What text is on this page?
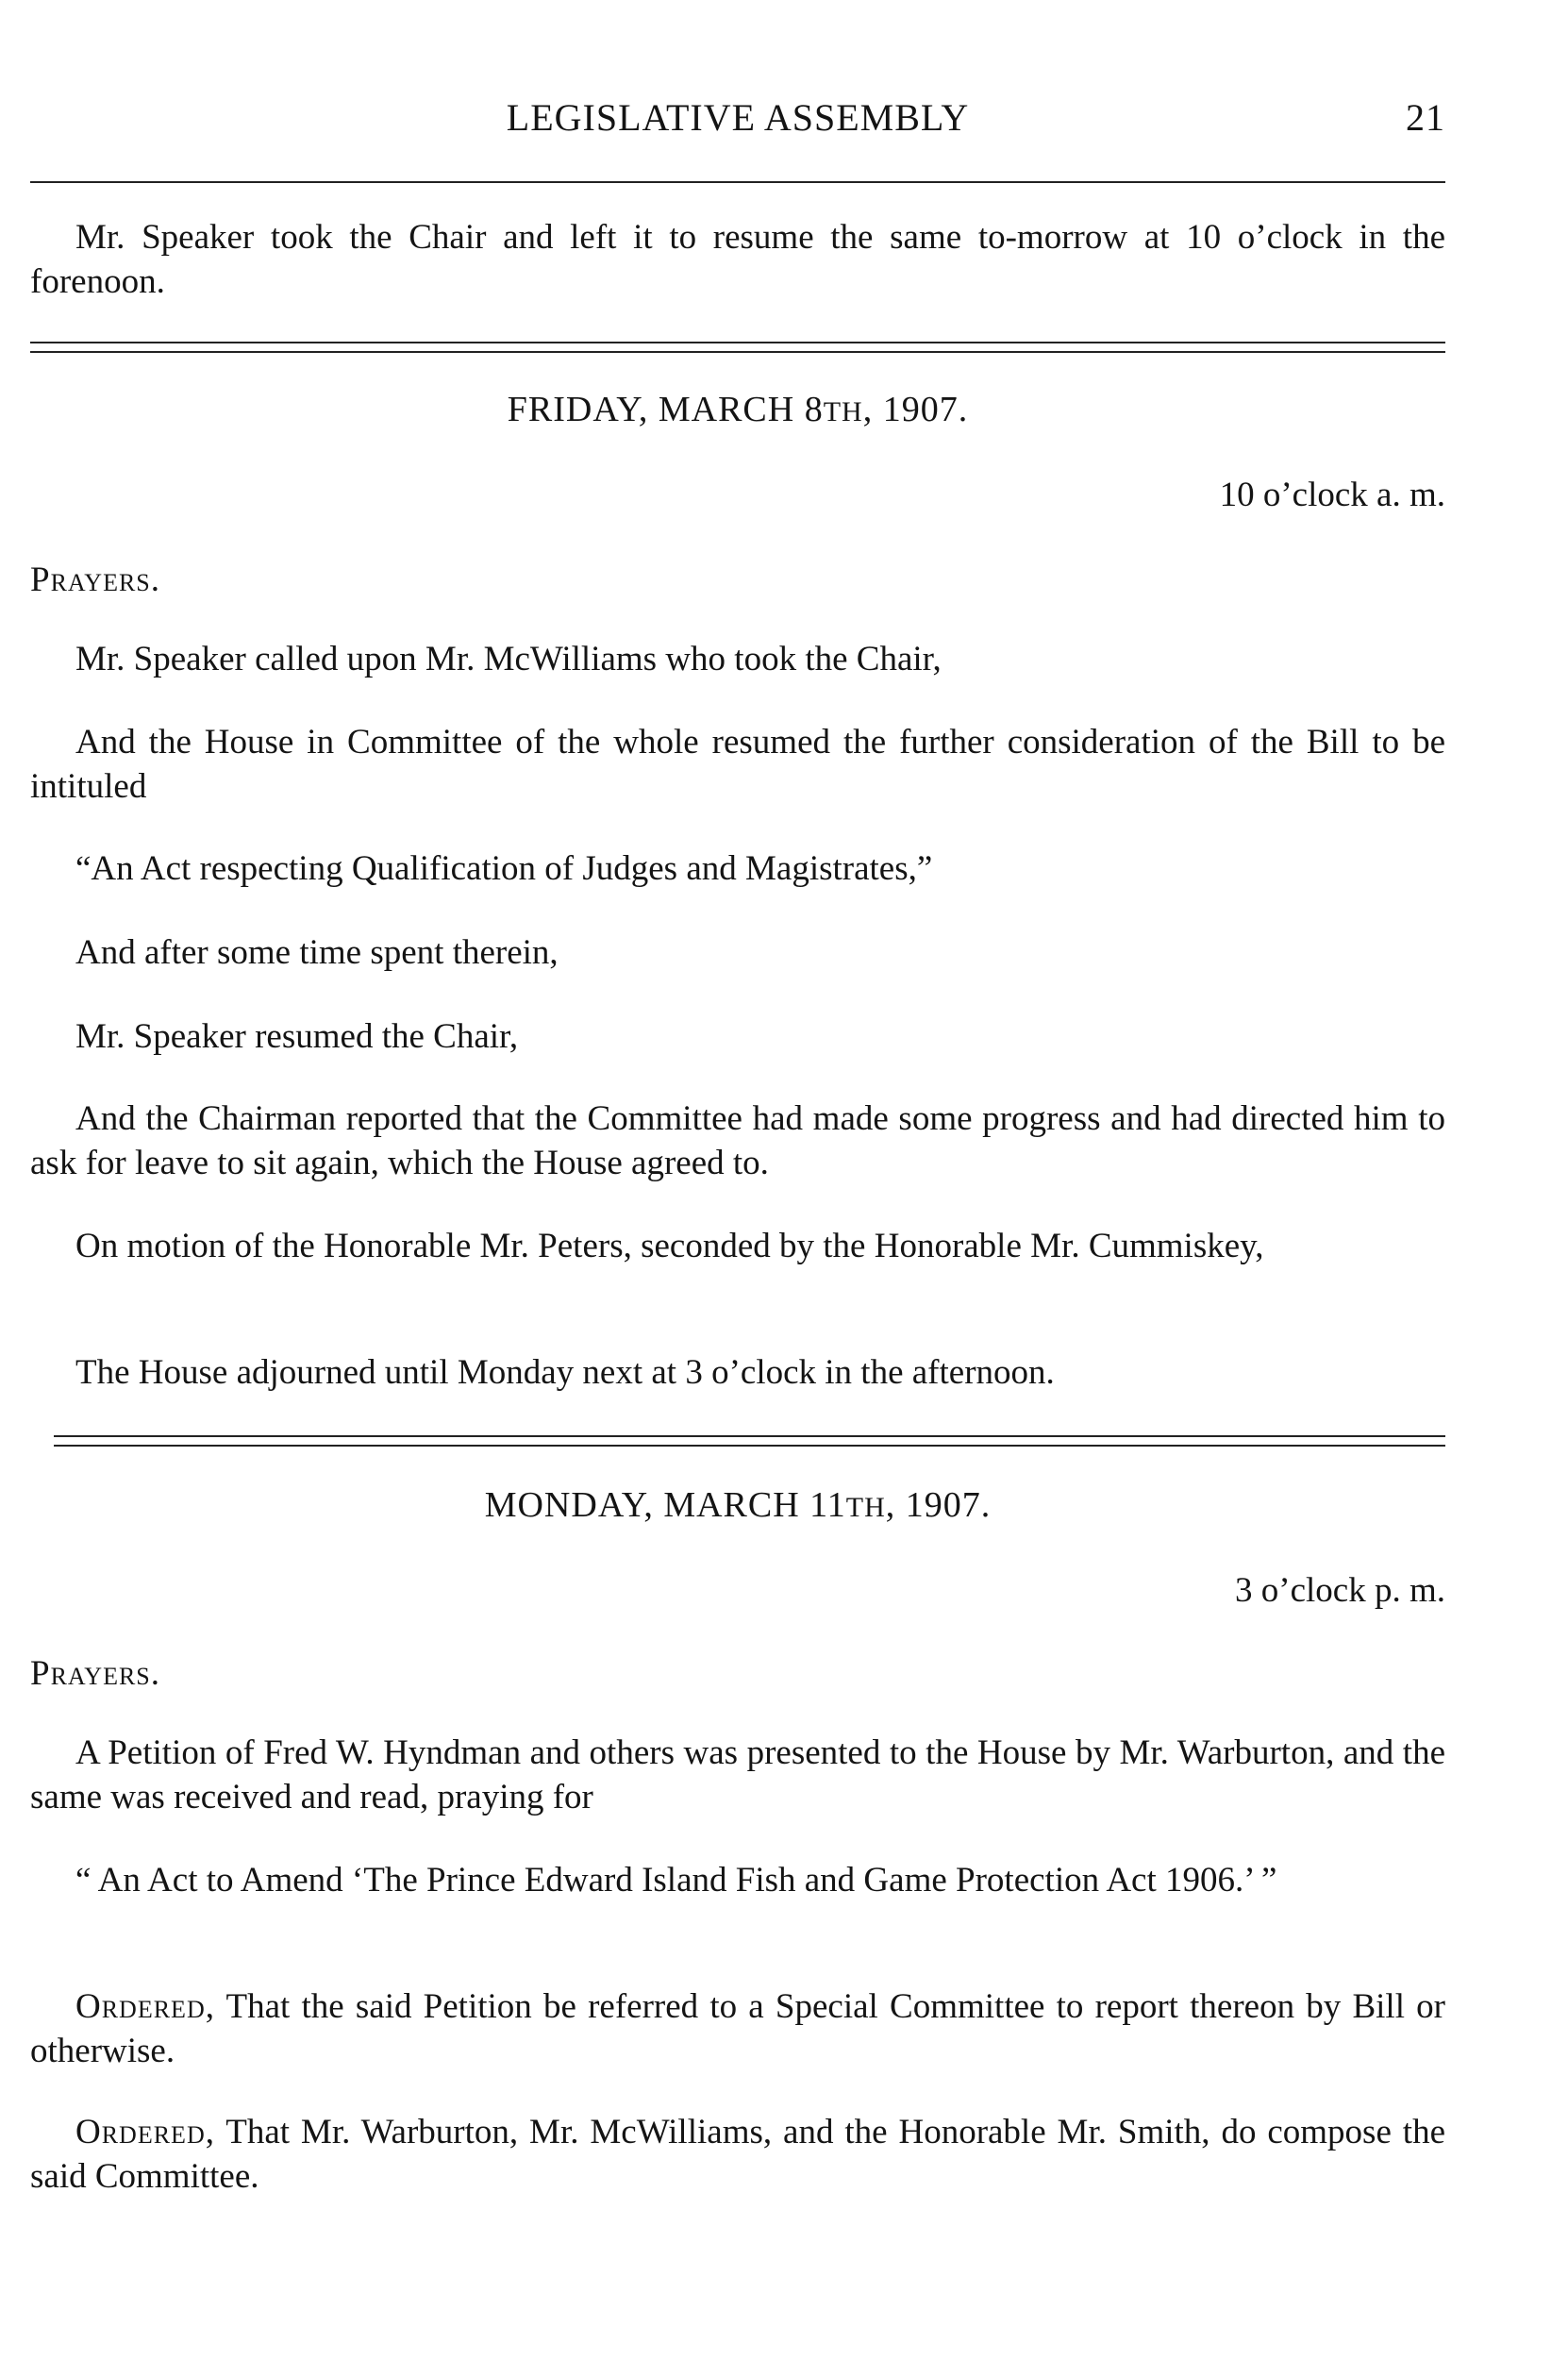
LEGISLATIVE ASSEMBLY	21

Mr. Speaker took the Chair and left it to resume the same to-morrow at 10 o’clock in the forenoon.

FRIDAY, MARCH 8TH, 1907.
10 o’clock a. m.
Prayers.

Mr. Speaker called upon Mr. McWilliams who took the Chair,

And the House in Committee of the whole resumed the further consideration of the Bill to be intituled

“An Act respecting Qualification of Judges and Magistrates,”

And after some time spent therein,

Mr. Speaker resumed the Chair,

And the Chairman reported that the Committee had made some progress and had directed him to ask for leave to sit again, which the House agreed to.

On motion of the Honorable Mr. Peters, seconded by the Honorable Mr. Cummiskey,

The House adjourned until Monday next at 3 o’clock in the afternoon.

MONDAY, MARCH 11TH, 1907.
3 o’clock p. m.
Prayers.

A Petition of Fred W. Hyndman and others was presented to the House by Mr. Warburton, and the same was received and read, praying for

“ An Act to Amend ‘The Prince Edward Island Fish and Game Protection Act 1906.’ ”

Ordered, That the said Petition be referred to a Special Committee to report thereon by Bill or otherwise.

Ordered, That Mr. Warburton, Mr. McWilliams, and the Honorable Mr. Smith, do compose the said Committee.
